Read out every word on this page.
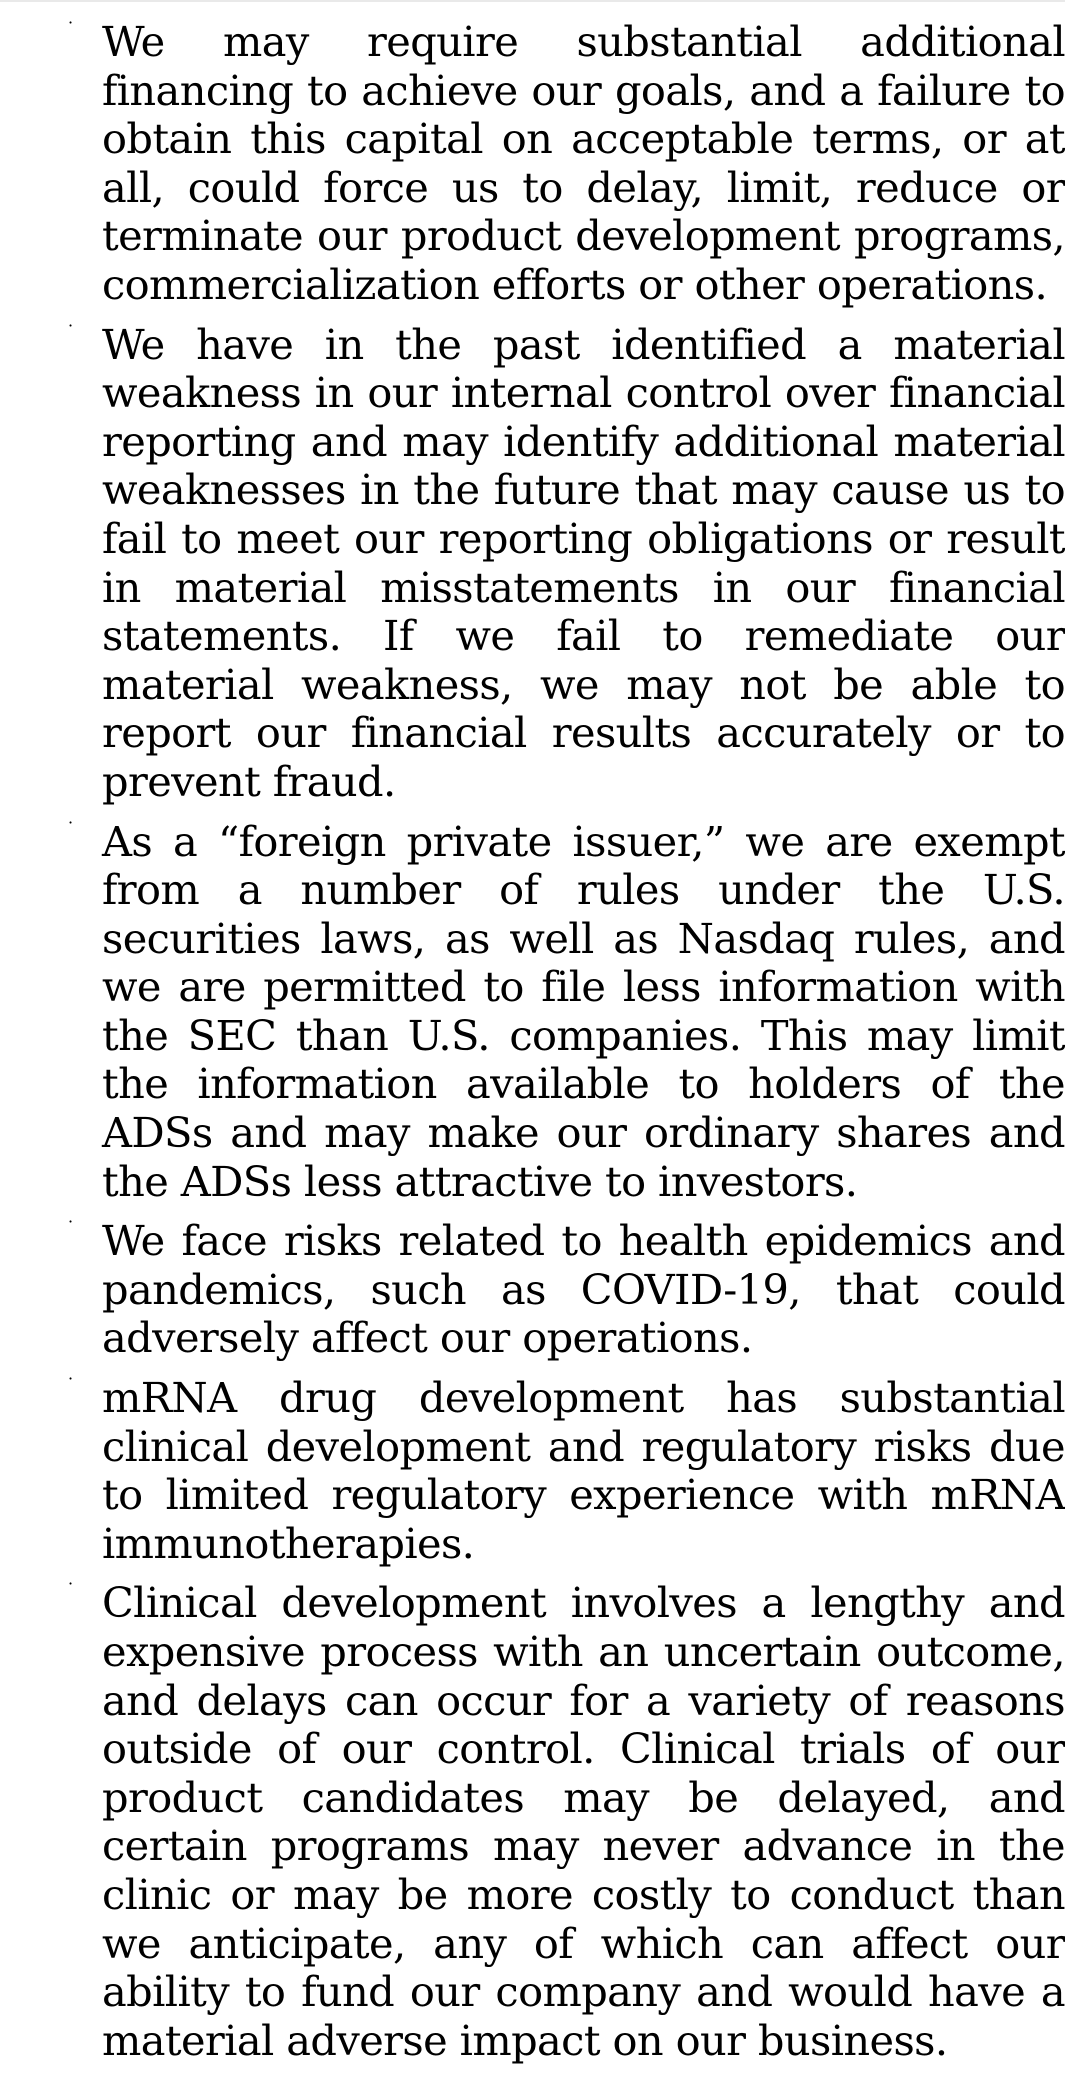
· We may require substantial additional financing to achieve our goals, and a failure to obtain this capital on acceptable terms, or at all, could force us to delay, limit, reduce or terminate our product development programs, commercialization efforts or other operations.
· We have in the past identified a material weakness in our internal control over financial reporting and may identify additional material weaknesses in the future that may cause us to fail to meet our reporting obligations or result in material misstatements in our financial statements. If we fail to remediate our material weakness, we may not be able to report our financial results accurately or to prevent fraud.
· As a “foreign private issuer,” we are exempt from a number of rules under the U.S. securities laws, as well as Nasdaq rules, and we are permitted to file less information with the SEC than U.S. companies. This may limit the information available to holders of the ADSs and may make our ordinary shares and the ADSs less attractive to investors.
· We face risks related to health epidemics and pandemics, such as COVID-19, that could adversely affect our operations.
· mRNA drug development has substantial clinical development and regulatory risks due to limited regulatory experience with mRNA immunotherapies.
· Clinical development involves a lengthy and expensive process with an uncertain outcome, and delays can occur for a variety of reasons outside of our control. Clinical trials of our product candidates may be delayed, and certain programs may never advance in the clinic or may be more costly to conduct than we anticipate, any of which can affect our ability to fund our company and would have a material adverse impact on our business.
